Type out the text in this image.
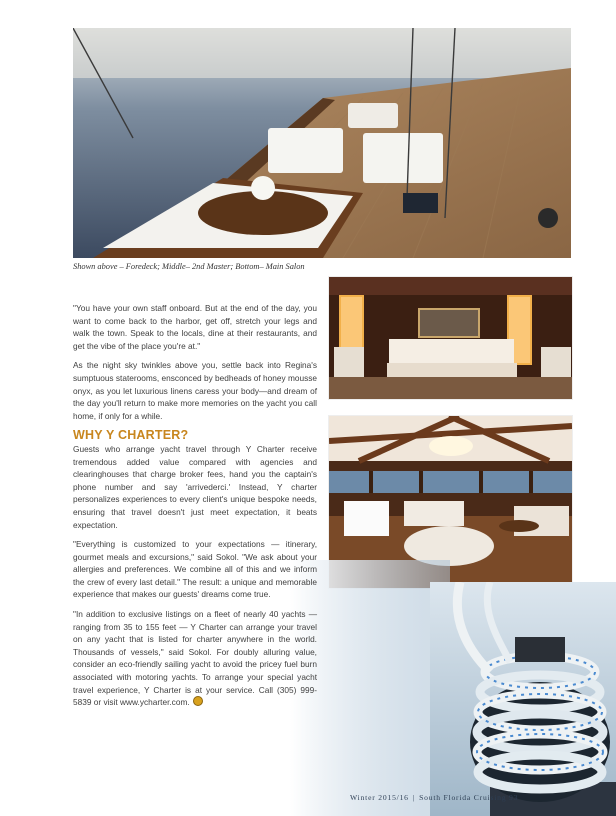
Shown above – Foredeck; Middle– 2nd Master; Bottom– Main Salon

"You have your own staff onboard. But at the end of the day, you want to come back to the harbor, get off, stretch your legs and walk the town. Speak to the locals, dine at their restaurants, and get the vibe of the place you're at."

As the night sky twinkles above you, settle back into Regina's sumptuous staterooms, ensconced by bedheads of honey mousse onyx, as you let luxurious linens caress your body—and dream of the day you'll return to make more memories on the yacht you call home, if only for a while.

WHY Y CHARTER?

Guests who arrange yacht travel through Y Charter receive tremendous added value compared with agencies and clearinghouses that charge broker fees, hand you the captain's phone number and say 'arrivederci.' Instead, Y charter personalizes experiences to every client's unique bespoke needs, ensuring that travel doesn't just meet expectation, it beats expectation.

"Everything is customized to your expectations — itinerary, gourmet meals and excursions," said Sokol. "We ask about your allergies and preferences. We combine all of this and we inform the crew of every last detail." The result: a unique and memorable experience that makes our guests' dreams come true.

"In addition to exclusive listings on a fleet of nearly 40 yachts — ranging from 35 to 155 feet — Y Charter can arrange your travel on any yacht that is listed for charter anywhere in the world. Thousands of vessels," said Sokol. For doubly alluring value, consider an eco-friendly sailing yacht to avoid the pricey fuel burn associated with motoring yachts. To arrange your special yacht travel experience, Y Charter is at your service. Call (305) 999-5839 or visit www.ycharter.com.

Winter 2015/16 | South Florida Cruising 93
